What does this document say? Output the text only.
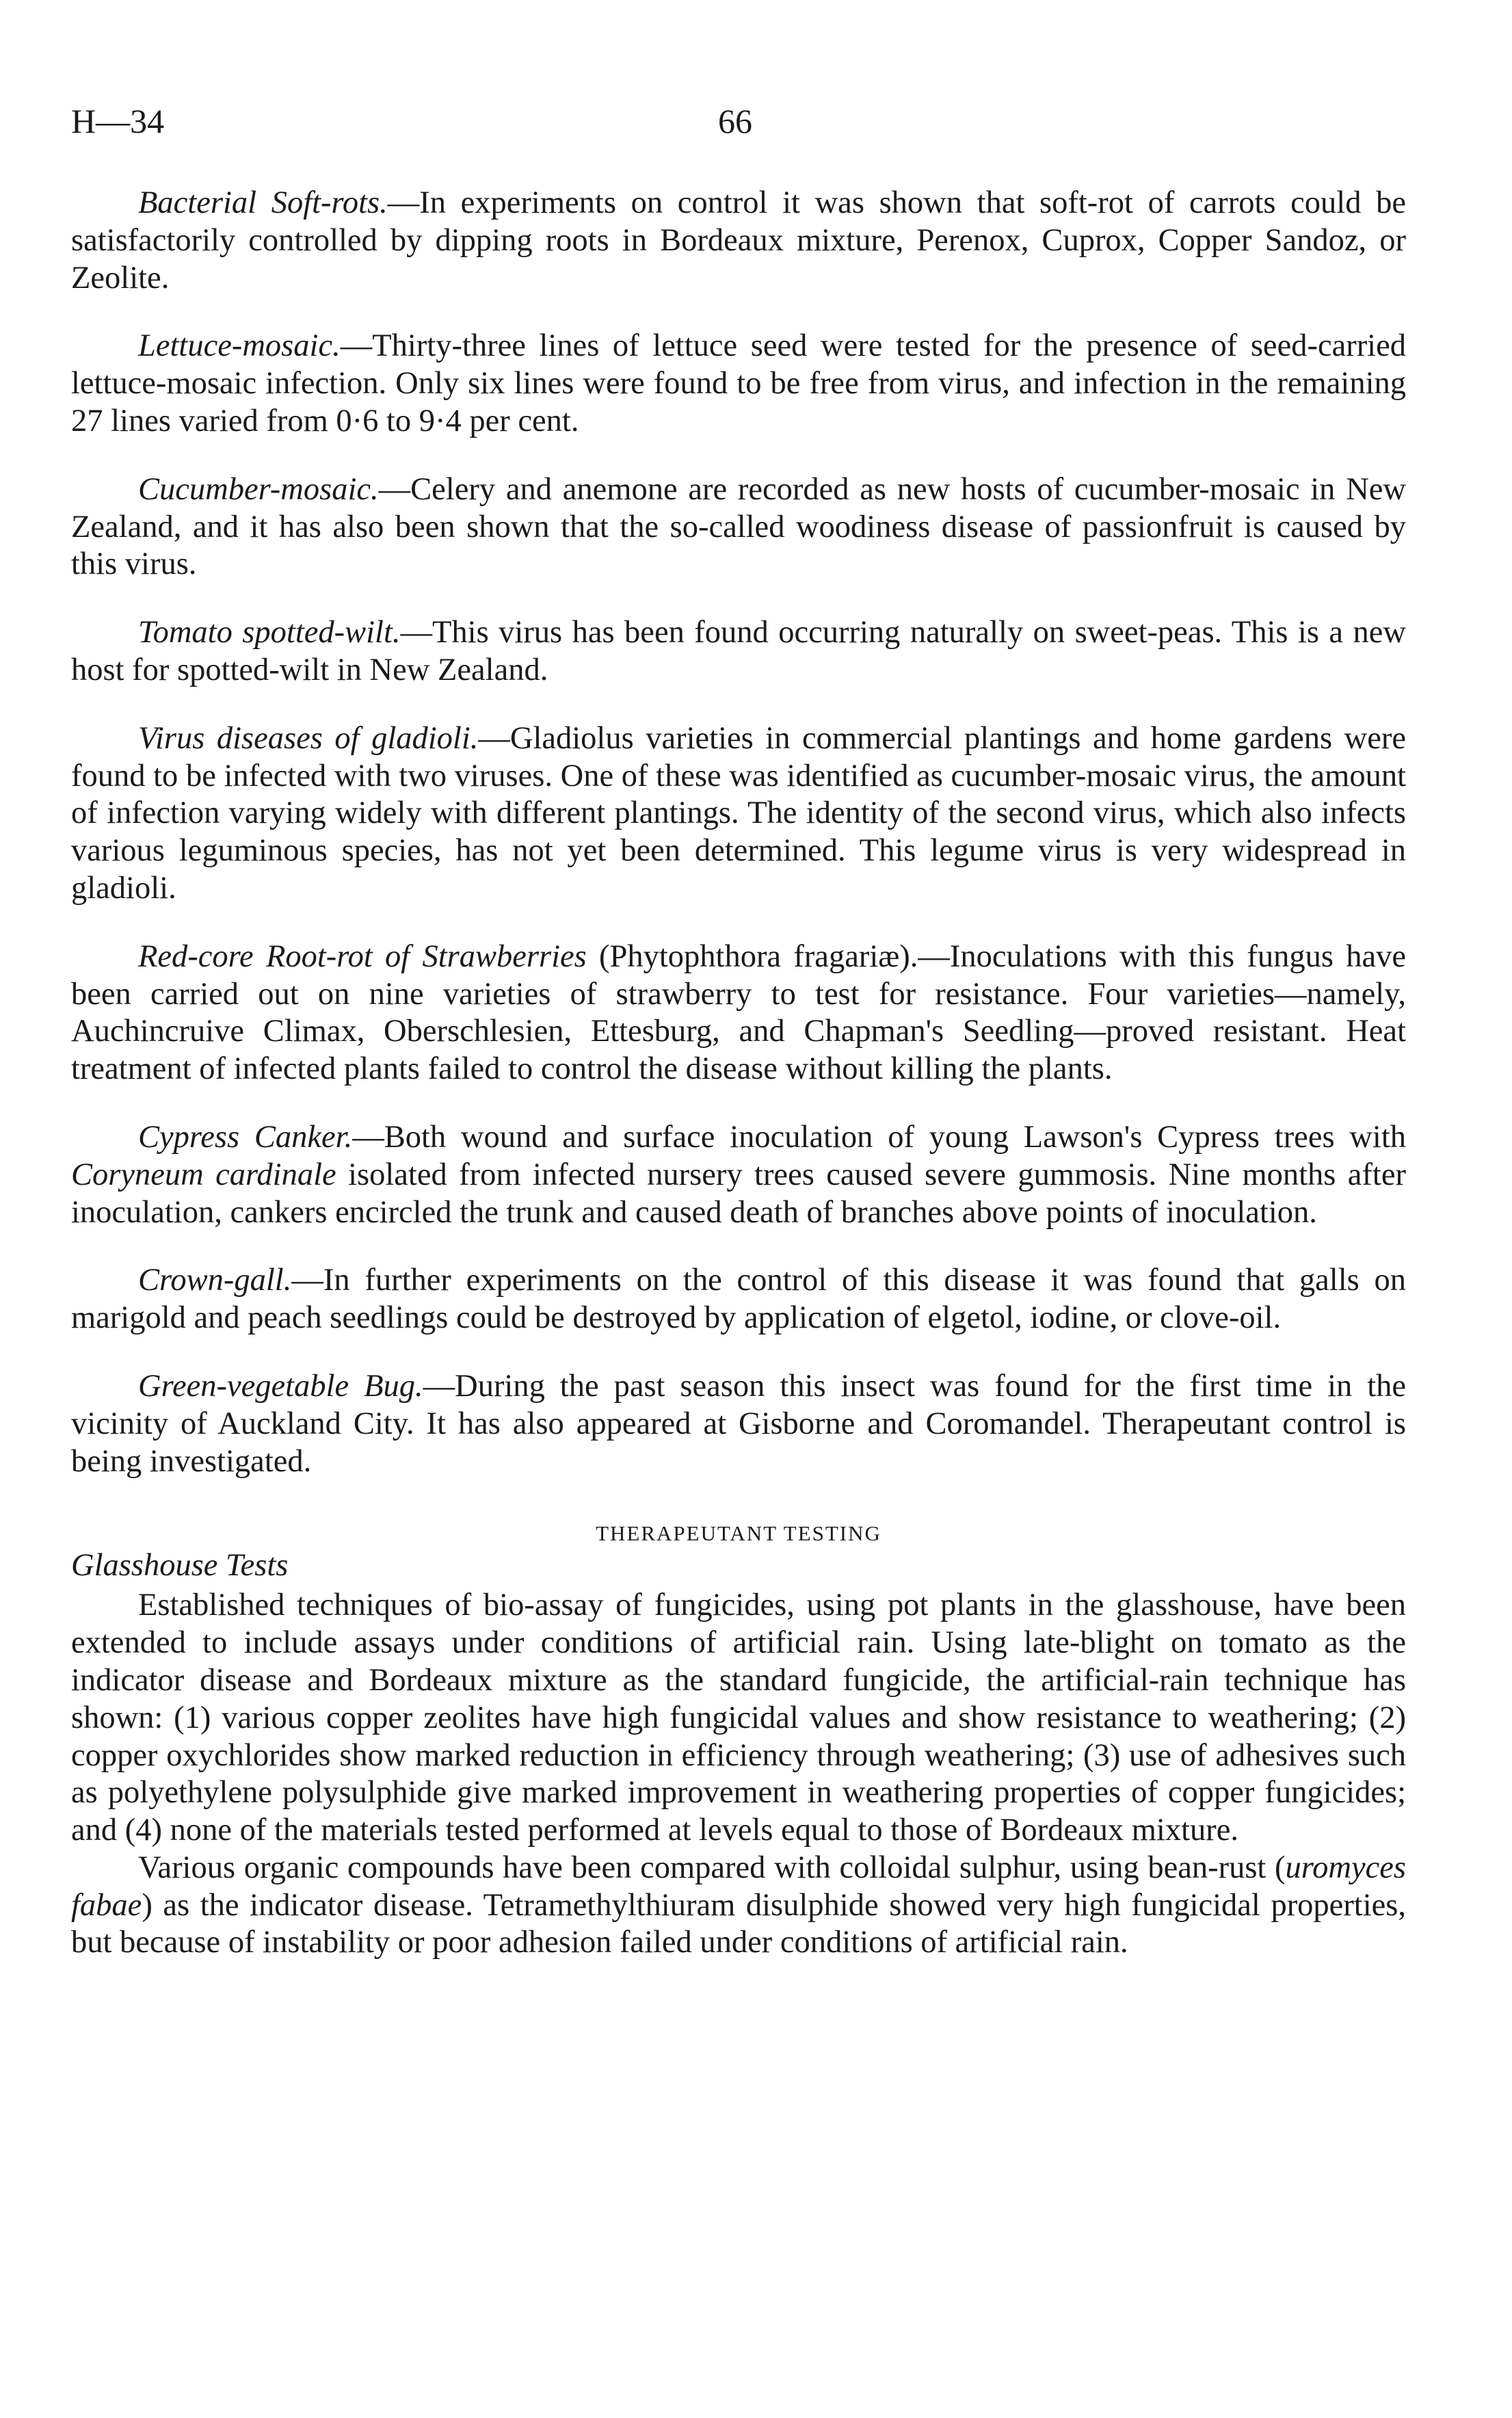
H—34	66

Bacterial Soft-rots.—In experiments on control it was shown that soft-rot of carrots could be satisfactorily controlled by dipping roots in Bordeaux mixture, Perenox, Cuprox, Copper Sandoz, or Zeolite.

Lettuce-mosaic.—Thirty-three lines of lettuce seed were tested for the presence of seed-carried lettuce-mosaic infection. Only six lines were found to be free from virus, and infection in the remaining 27 lines varied from 0·6 to 9·4 per cent.

Cucumber-mosaic.—Celery and anemone are recorded as new hosts of cucumber-mosaic in New Zealand, and it has also been shown that the so-called woodiness disease of passionfruit is caused by this virus.

Tomato spotted-wilt.—This virus has been found occurring naturally on sweet-peas. This is a new host for spotted-wilt in New Zealand.

Virus diseases of gladioli.—Gladiolus varieties in commercial plantings and home gardens were found to be infected with two viruses. One of these was identified as cucumber-mosaic virus, the amount of infection varying widely with different plantings. The identity of the second virus, which also infects various leguminous species, has not yet been determined. This legume virus is very widespread in gladioli.

Red-core Root-rot of Strawberries (Phytophthora fragariæ).—Inoculations with this fungus have been carried out on nine varieties of strawberry to test for resistance. Four varieties—namely, Auchincruive Climax, Oberschlesien, Ettesburg, and Chapman's Seedling—proved resistant. Heat treatment of infected plants failed to control the disease without killing the plants.

Cypress Canker.—Both wound and surface inoculation of young Lawson's Cypress trees with Coryneum cardinale isolated from infected nursery trees caused severe gummosis. Nine months after inoculation, cankers encircled the trunk and caused death of branches above points of inoculation.

Crown-gall.—In further experiments on the control of this disease it was found that galls on marigold and peach seedlings could be destroyed by application of elgetol, iodine, or clove-oil.

Green-vegetable Bug.—During the past season this insect was found for the first time in the vicinity of Auckland City. It has also appeared at Gisborne and Coromandel. Therapeutant control is being investigated.

THERAPEUTANT TESTING
Glasshouse Tests

Established techniques of bio-assay of fungicides, using pot plants in the glasshouse, have been extended to include assays under conditions of artificial rain. Using late-blight on tomato as the indicator disease and Bordeaux mixture as the standard fungicide, the artificial-rain technique has shown: (1) various copper zeolites have high fungicidal values and show resistance to weathering; (2) copper oxychlorides show marked reduction in efficiency through weathering; (3) use of adhesives such as polyethylene polysulphide give marked improvement in weathering properties of copper fungicides; and (4) none of the materials tested performed at levels equal to those of Bordeaux mixture.

Various organic compounds have been compared with colloidal sulphur, using bean-rust (uromyces fabae) as the indicator disease. Tetramethylthiuram disulphide showed very high fungicidal properties, but because of instability or poor adhesion failed under conditions of artificial rain.
